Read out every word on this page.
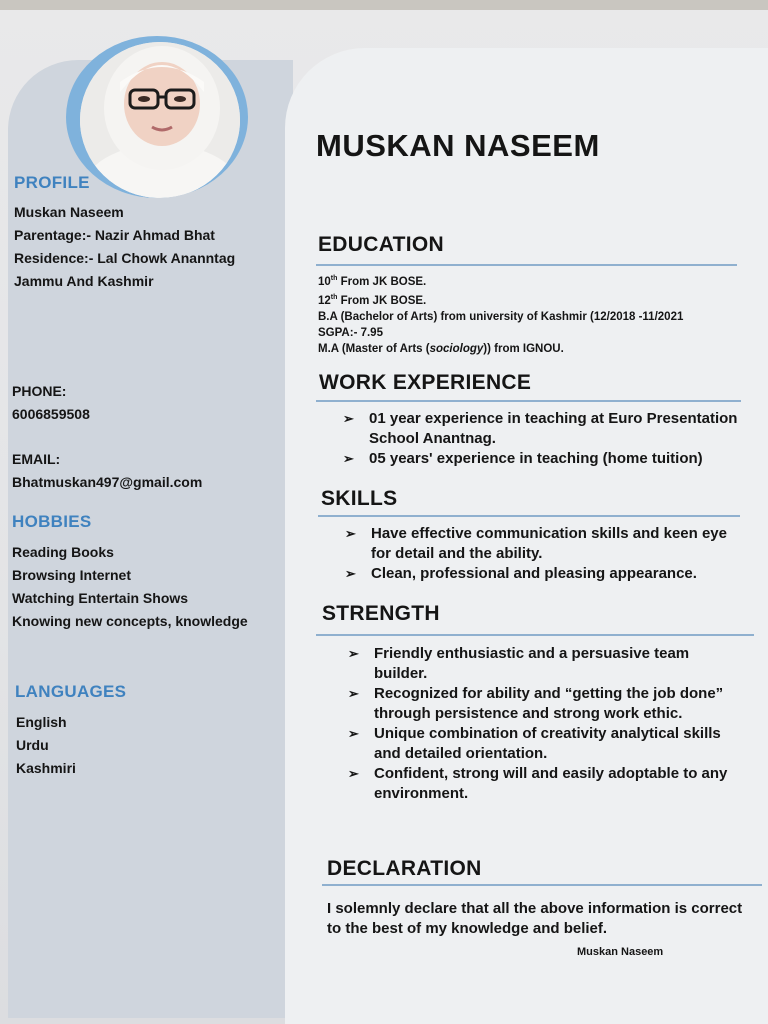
PROFILE
Muskan Naseem
Parentage:- Nazir Ahmad Bhat
Residence:- Lal Chowk Ananntag
Jammu And Kashmir
PHONE:
6006859508
EMAIL:
Bhatmuskan497@gmail.com
HOBBIES
Reading Books
Browsing Internet
Watching Entertain Shows
Knowing new concepts, knowledge
LANGUAGES
English
Urdu
Kashmiri
MUSKAN NASEEM
EDUCATION
10th From JK BOSE.
12th From JK BOSE.
B.A (Bachelor of Arts) from university of Kashmir (12/2018 -11/2021
SGPA:- 7.95
M.A (Master of Arts (sociology)) from IGNOU.
WORK EXPERIENCE
➢ 01 year experience in teaching at Euro Presentation School Anantnag.
➢ 05 years' experience in teaching (home tuition)
SKILLS
➢ Have effective communication skills and keen eye for detail and the ability.
➢ Clean, professional and pleasing appearance.
STRENGTH
➢ Friendly enthusiastic and a persuasive team builder.
➢ Recognized for ability and “getting the job done” through persistence and strong work ethic.
➢ Unique combination of creativity analytical skills and detailed orientation.
➢ Confident, strong will and easily adoptable to any environment.
DECLARATION
I solemnly declare that all the above information is correct to the best of my knowledge and belief.
Muskan Naseem
